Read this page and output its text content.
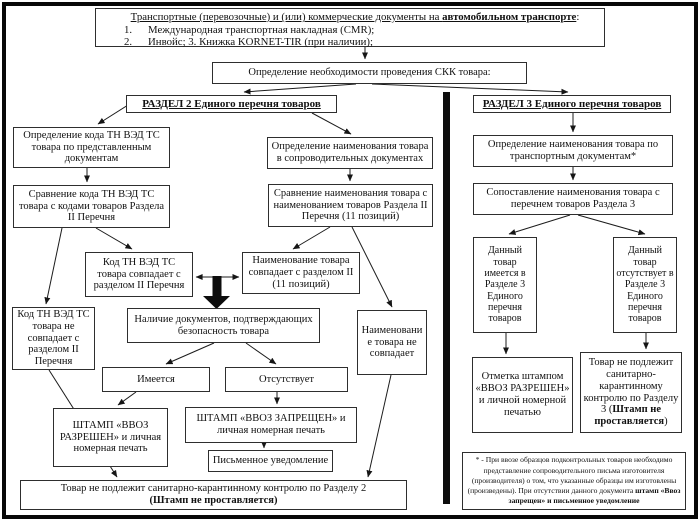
Транспортные (перевозочные) и (или) коммерческие документы на автомобильном транспорте:
1. Международная транспортная накладная (CMR);
2. Инвойс; 3. Книжка KORNET-TIR (при наличии);
Определение необходимости проведения СКК товара:
РАЗДЕЛ 2 Единого перечня товаров	РАЗДЕЛ 3 Единого перечня товаров
Определение кода ТН ВЭД ТС товара по представленным документам
Определение наименования товара в сопроводительных документах
Сравнение кода ТН ВЭД ТС товара с кодами товаров Раздела II Перечня
Сравнение наименования товара с наименованием товаров Раздела II Перечня (11 позиций)
Код ТН ВЭД ТС товара совпадает с разделом II Перечня
Наименование товара совпадает с разделом II (11 позиций)
Код ТН ВЭД ТС товара не совпадает с разделом II Перечня
Наименование товара не совпадает
Наличие документов, подтверждающих безопасность товара
Имеется	Отсутствует
ШТАМП «ВВОЗ РАЗРЕШЕН» и личная номерная печать
ШТАМП «ВВОЗ ЗАПРЕЩЕН» и личная номерная печать
Письменное уведомление
Товар не подлежит санитарно-карантинному контролю по Разделу 2
(Штамп не проставляется)
Определение наименования товара по транспортным документам*
Сопоставление наименования товара с перечнем товаров Раздела 3
Данный товар имеется в Разделе 3 Единого перечня товаров
Данный товар отсутствует в Разделе 3 Единого перечня товаров
Отметка штампом «ВВОЗ РАЗРЕШЕН» и личной номерной печатью
Товар не подлежит санитарно-карантинному контролю по Разделу 3 (Штамп не проставляется)
* - При ввозе образцов подконтрольных товаров необходимо представление сопроводительного письма изготовителя (производителя) о том, что указанные образцы им изготовлены (произведены). При отсутствии данного документа штамп «Ввоз запрещен» и письменное уведомление
